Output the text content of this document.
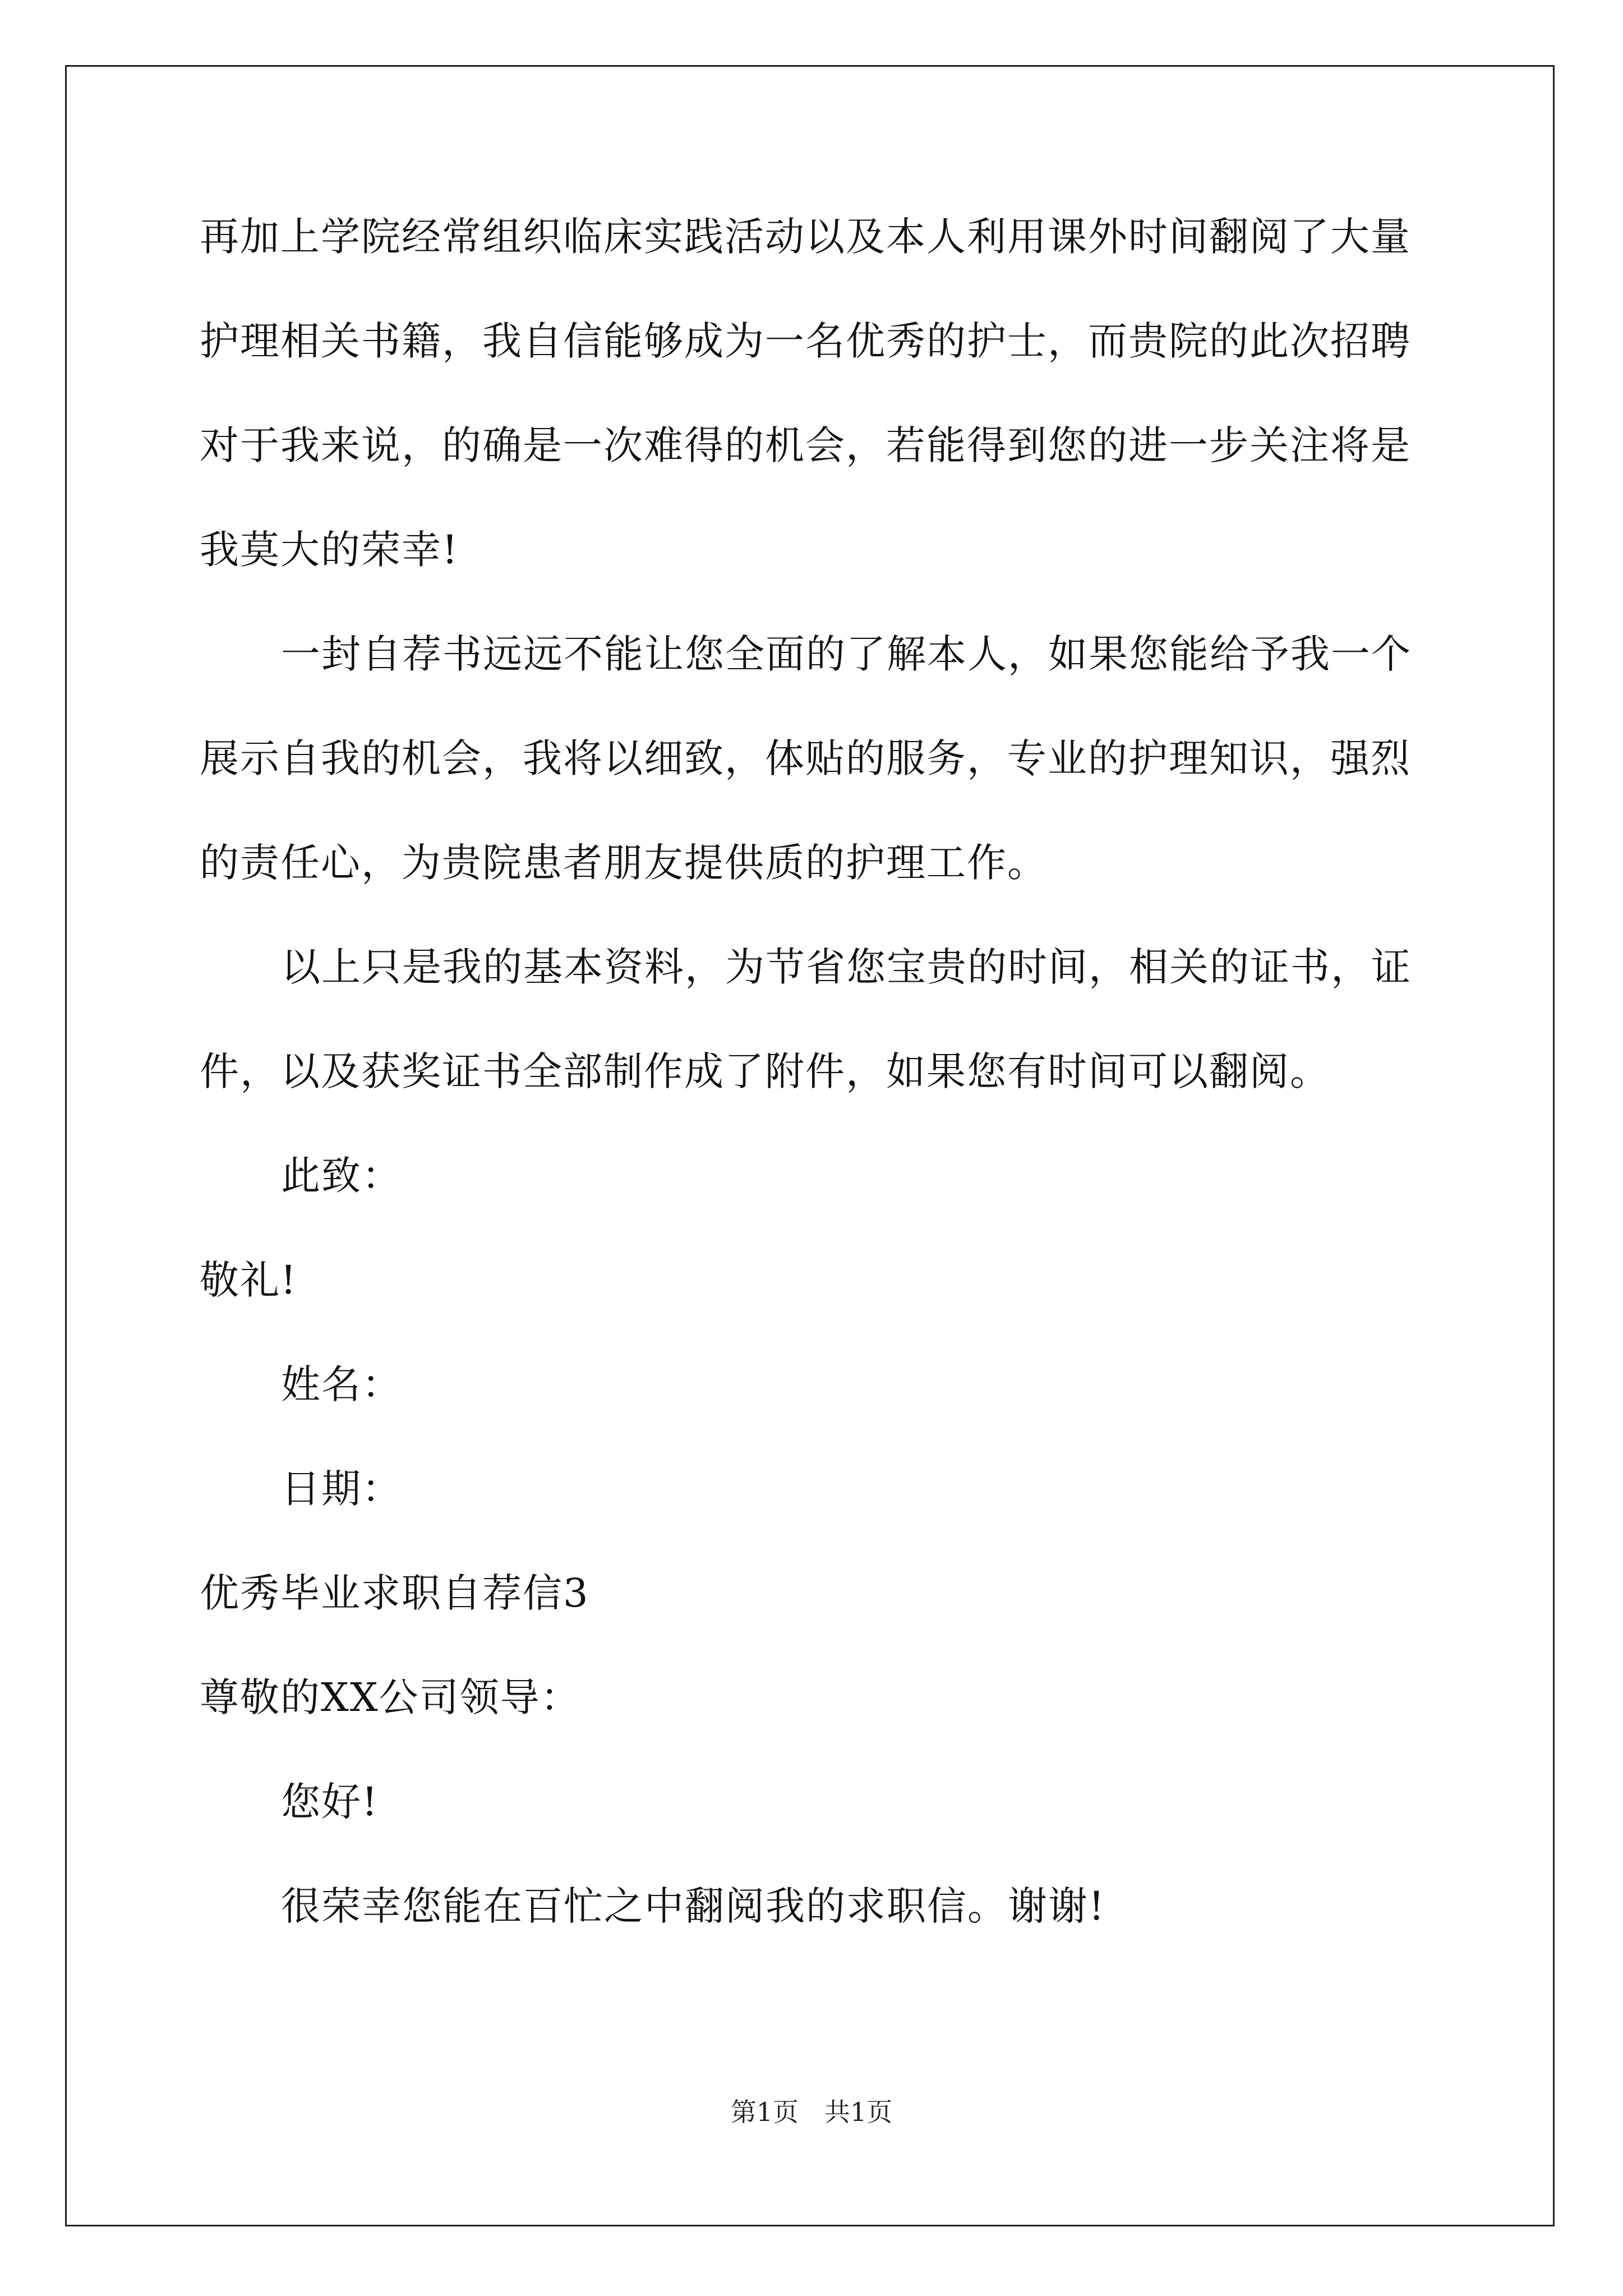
再加上学院经常组织临床实践活动以及本人利用课外时间翻阅了大量
护理相关书籍，我自信能够成为一名优秀的护士，而贵院的此次招聘
对于我来说，的确是一次难得的机会，若能得到您的进一步关注将是
我莫大的荣幸!
一封自荐书远远不能让您全面的了解本人，如果您能给予我一个
展示自我的机会，我将以细致，体贴的服务，专业的护理知识，强烈
的责任心，为贵院患者朋友提供质的护理工作。
以上只是我的基本资料，为节省您宝贵的时间，相关的证书，证
件，以及获奖证书全部制作成了附件，如果您有时间可以翻阅。
此致：
敬礼!
姓名：
日期：
优秀毕业求职自荐信3
尊敬的XX公司领导：
您好!
很荣幸您能在百忙之中翻阅我的求职信。谢谢!
第1页　共1页
